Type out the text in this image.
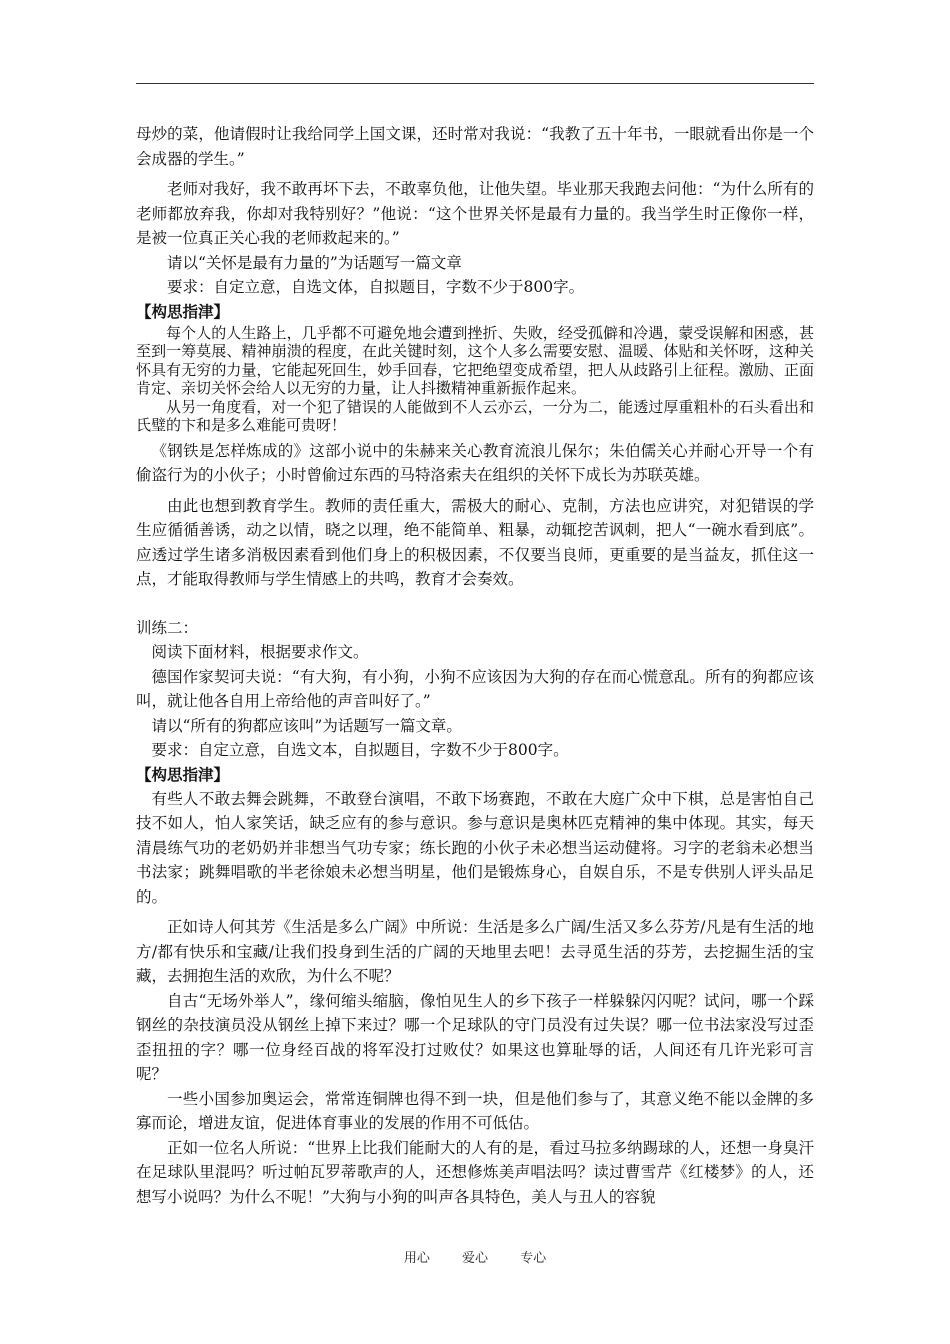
母炒的菜，他请假时让我给同学上国文课，还时常对我说：“我教了五十年书，一眼就看出你是一个会成器的学生。”

老师对我好，我不敢再坏下去，不敢辜负他，让他失望。毕业那天我跑去问他：“为什么所有的老师都放弃我，你却对我特别好？”他说：“这个世界关怀是最有力量的。我当学生时正像你一样，是被一位真正关心我的老师救起来的。”

请以“关怀是最有力量的”为话题写一篇文章

要求：自定立意，自选文体，自拟题目，字数不少于800字。

【构思指津】

每个人的人生路上，几乎都不可避免地会遭到挫折、失败，经受孤僻和冷遇，蒙受误解和困惑，甚至到一筹莫展、精神崩溃的程度，在此关键时刻，这个人多么需要安慰、温暖、体贴和关怀呀，这种关怀具有无穷的力量，它能起死回生，妙手回春，它把绝望变成希望，把人从歧路引上征程。激励、正面肯定、亲切关怀会给人以无穷的力量，让人抖擞精神重新振作起来。

从另一角度看，对一个犯了错误的人能做到不人云亦云，一分为二，能透过厚重粗朴的石头看出和氏璧的卞和是多么难能可贵呀！

《钢铁是怎样炼成的》这部小说中的朱赫来关心教育流浪儿保尔；朱伯儒关心并耐心开导一个有偷盗行为的小伙子；小时曾偷过东西的马特洛索夫在组织的关怀下成长为苏联英雄。

由此也想到教育学生。教师的责任重大，需极大的耐心、克制，方法也应讲究，对犯错误的学生应循循善诱，动之以情，晓之以理，绝不能简单、粗暴，动辄挖苦讽刺，把人“一碗水看到底”。应透过学生诸多消极因素看到他们身上的积极因素，不仅要当良师，更重要的是当益友，抓住这一点，才能取得教师与学生情感上的共鸣，教育才会奏效。

训练二：

阅读下面材料，根据要求作文。

德国作家契诃夫说：“有大狗，有小狗，小狗不应该因为大狗的存在而心慌意乱。所有的狗都应该叫，就让他各自用上帝给他的声音叫好了。”

请以“所有的狗都应该叫”为话题写一篇文章。

要求：自定立意，自选文本，自拟题目，字数不少于800字。

【构思指津】

有些人不敢去舞会跳舞，不敢登台演唱，不敢下场赛跑，不敢在大庭广众中下棋，总是害怕自己技不如人，怕人家笑话，缺乏应有的参与意识。参与意识是奥林匹克精神的集中体现。其实，每天清晨练气功的老奶奶并非想当气功专家；练长跑的小伙子未必想当运动健将。习字的老翁未必想当书法家；跳舞唱歌的半老徐娘未必想当明星，他们是锻炼身心，自娱自乐，不是专供别人评头品足的。

正如诗人何其芳《生活是多么广阔》中所说：生活是多么广阔/生活又多么芬芳/凡是有生活的地方/都有快乐和宝藏/让我们投身到生活的广阔的天地里去吧！去寻觅生活的芬芳，去挖掘生活的宝藏，去拥抱生活的欢欣，为什么不呢？

自古“无场外举人”，缘何缩头缩脑，像怕见生人的乡下孩子一样躲躲闪闪呢？试问，哪一个踩钢丝的杂技演员没从钢丝上掉下来过？哪一个足球队的守门员没有过失误？哪一位书法家没写过歪歪扭扭的字？哪一位身经百战的将军没打过败仗？如果这也算耻辱的话，人间还有几许光彩可言呢？

一些小国参加奥运会，常常连铜牌也得不到一块，但是他们参与了，其意义绝不能以金牌的多寡而论，增进友谊，促进体育事业的发展的作用不可低估。

正如一位名人所说：“世界上比我们能耐大的人有的是，看过马拉多纳踢球的人，还想一身臭汗在足球队里混吗？听过帕瓦罗蒂歌声的人，还想修炼美声唱法吗？读过曹雪芹《红楼梦》的人，还想写小说吗？为什么不呢！”大狗与小狗的叫声各具特色，美人与丑人的容貌

用心 爱心 专心
